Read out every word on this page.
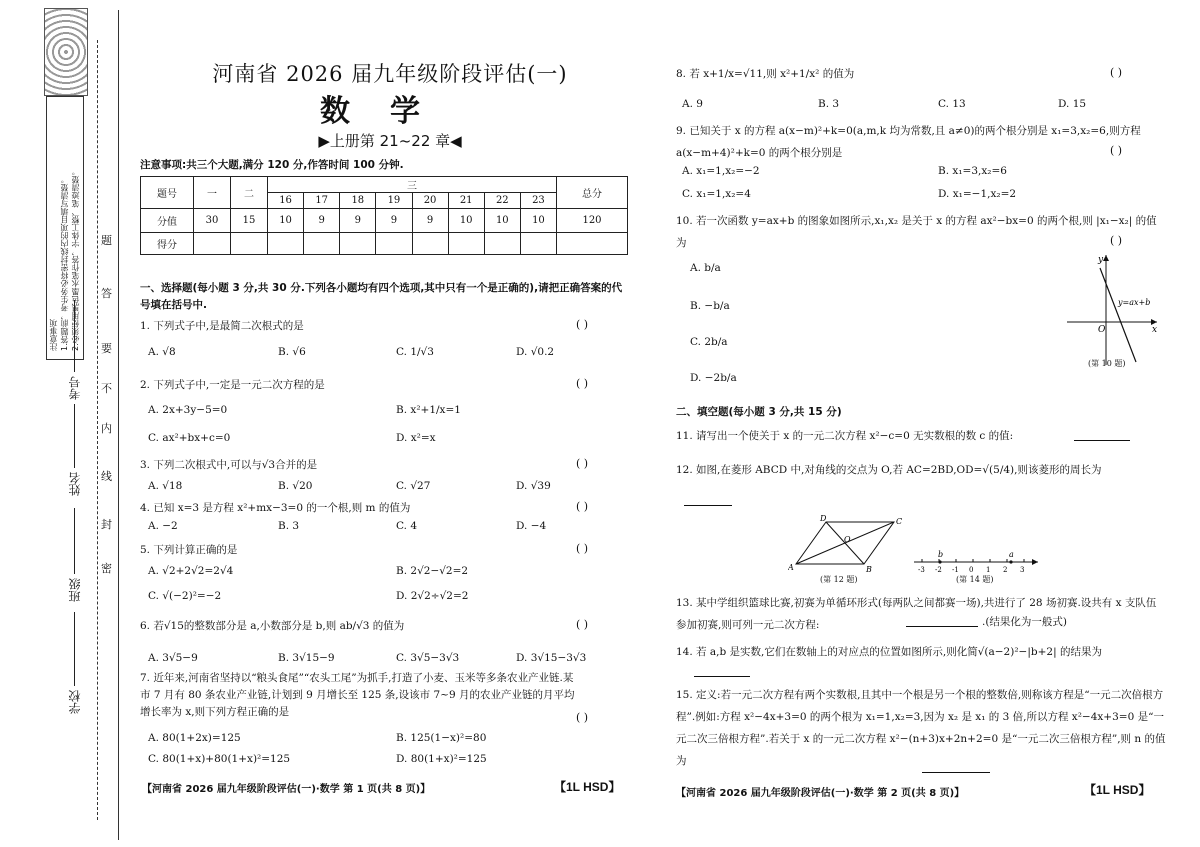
注意事项 1.答题前，考生务必将密封线内的项目填写清楚。 2.必须使用黑色墨水笔作答，字体工整、笔迹清楚。 题
答
要
不
内
线
封
密
考号
姓名
班级
学校
河南省 2026 届九年级阶段评估(一)
数学
▶上册第 21~22 章◀
注意事项:共三个大题,满分 120 分,作答时间 100 分钟.
题号	一	二	三								总分
			16	17	18	19	20	21	22	23	
分值	30	15	10	9	9	9	9	10	10	10	120
得分											
一、选择题(每小题 3 分,共 30 分.下列各小题均有四个选项,其中只有一个是正确的),请把正确答案的代号填在括号中.
1. 下列式子中,是最简二次根式的是	( )
A. √8	B. √6	C. 1/√3	D. √0.2
2. 下列式子中,一定是一元二次方程的是	( )
A. 2x+3y−5=0	B. x²+1/x=1
C. ax²+bx+c=0	D. x²=x
3. 下列二次根式中,可以与√3合并的是	( )
A. √18	B. √20	C. √27	D. √39
4. 已知 x=3 是方程 x²+mx−3=0 的一个根,则 m 的值为	( )
A. −2	B. 3	C. 4	D. −4
5. 下列计算正确的是	( )
A. √2+2√2=2√4	B. 2√2−√2=2
C. √(−2)²=−2	D. 2√2÷√2=2
6. 若√15的整数部分是 a,小数部分是 b,则 ab/√3 的值为	( )
A. 3√5−9	B. 3√15−9	C. 3√5−3√3	D. 3√15−3√3
7. 近年来,河南省坚持以“粮头食尾”“农头工尾”为抓手,打造了小麦、玉米等多条农业产业链.某市 7 月有 80 条农业产业链,计划到 9 月增长至 125 条,设该市 7~9 月的农业产业链的月平均增长率为 x,则下列方程正确的是	( )
A. 80(1+2x)=125	B. 125(1−x)²=80
C. 80(1+x)+80(1+x)²=125	D. 80(1+x)²=125
【河南省 2026 届九年级阶段评估(一)·数学 第 1 页(共 8 页)】	【1L HSD】
8. 若 x+1/x=√11,则 x²+1/x² 的值为	( )
A. 9	B. 3	C. 13	D. 15
9. 已知关于 x 的方程 a(x−m)²+k=0(a,m,k 均为常数,且 a≠0)的两个根分别是 x₁=3,x₂=6,则方程 a(x−m+4)²+k=0 的两个根分别是	( )
A. x₁=1,x₂=−2	B. x₁=3,x₂=6
C. x₁=1,x₂=4	D. x₁=−1,x₂=2
10. 若一次函数 y=ax+b 的图象如图所示,x₁,x₂ 是关于 x 的方程 ax²−bx=0 的两个根,则 |x₁−x₂| 的值为	( )
A. b/a
B. −b/a
C. 2b/a
D. −2b/a
x
y
O
y=ax+b
(第 10 题)
二、填空题(每小题 3 分,共 15 分)
11. 请写出一个使关于 x 的一元二次方程 x²−c=0 无实数根的数 c 的值:
12. 如图,在菱形 ABCD 中,对角线的交点为 O,若 AC=2BD,OD=√(5/4),则该菱形的周长为
A	B
C
D
O
(第 12 题)
-3 -2 -1 0 1 2 3
b	a
(第 14 题)
13. 某中学组织篮球比赛,初赛为单循环形式(每两队之间都赛一场),共进行了 28 场初赛.设共有 x 支队伍参加初赛,则可列一元二次方程:	.(结果化为一般式)
14. 若 a,b 是实数,它们在数轴上的对应点的位置如图所示,则化简√(a−2)²−|b+2| 的结果为
15. 定义:若一元二次方程有两个实数根,且其中一个根是另一个根的整数倍,则称该方程是“一元二次倍根方程”.例如:方程 x²−4x+3=0 的两个根为 x₁=1,x₂=3,因为 x₂ 是 x₁ 的 3 倍,所以方程 x²−4x+3=0 是“一元二次三倍根方程”.若关于 x 的一元二次方程 x²−(n+3)x+2n+2=0 是“一元二次三倍根方程”,则 n 的值为
【河南省 2026 届九年级阶段评估(一)·数学 第 2 页(共 8 页)】	【1L HSD】
